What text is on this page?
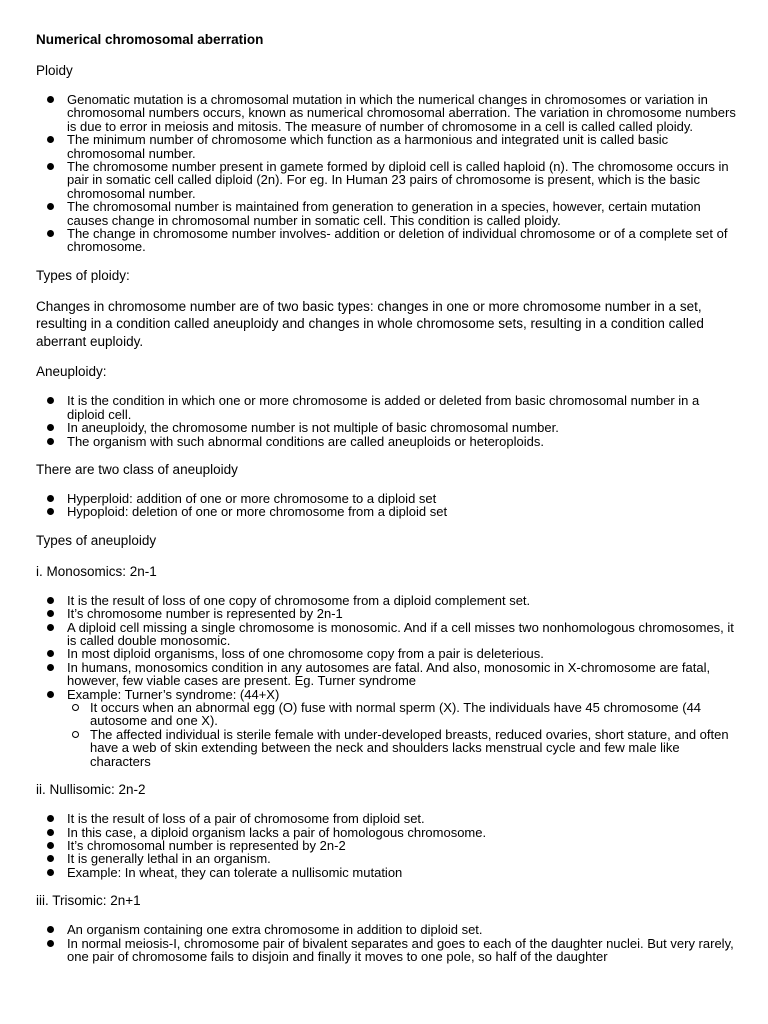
Numerical chromosomal aberration
Ploidy
Genomatic mutation is a chromosomal mutation in which the numerical changes in chromosomes or variation in chromosomal numbers occurs, known as numerical chromosomal aberration. The variation in chromosome numbers is due to error in meiosis and mitosis. The measure of number of chromosome in a cell is called called ploidy.
The minimum number of chromosome which function as a harmonious and integrated unit is called basic chromosomal number.
The chromosome number present in gamete formed by diploid cell is called haploid (n). The chromosome occurs in pair in somatic cell called diploid (2n). For eg. In Human 23 pairs of chromosome is present, which is the basic chromosomal number.
The chromosomal number is maintained from generation to generation in a species, however, certain mutation causes change in chromosomal number in somatic cell. This condition is called ploidy.
The change in chromosome number involves- addition or deletion of individual chromosome or of a complete set of chromosome.
Types of ploidy:
Changes in chromosome number are of two basic types: changes in one or more chromosome number in a set, resulting in a condition called aneuploidy and changes in whole chromosome sets, resulting in a condition called aberrant euploidy.
Aneuploidy:
It is the condition in which one or more chromosome is added or deleted from basic chromosomal number in a diploid cell.
In aneuploidy, the chromosome number is not multiple of basic chromosomal number.
The organism with such abnormal conditions are called aneuploids or heteroploids.
There are two class of aneuploidy
Hyperploid: addition of one or more chromosome to a diploid set
Hypoploid: deletion of one or more chromosome from a diploid set
Types of aneuploidy
i. Monosomics: 2n-1
It is the result of loss of one copy of chromosome from a diploid complement set.
It’s chromosome number is represented by 2n-1
A diploid cell missing a single chromosome is monosomic. And if a cell misses two nonhomologous chromosomes, it is called double monosomic.
In most diploid organisms, loss of one chromosome copy from a pair is deleterious.
In humans, monosomics condition in any autosomes are fatal. And also, monosomic in X-chromosome are fatal, however, few viable cases are present. Eg. Turner syndrome
Example: Turner’s syndrome: (44+X)
It occurs when an abnormal egg (O) fuse with normal sperm (X). The individuals have 45 chromosome (44 autosome and one X).
The affected individual is sterile female with under-developed breasts, reduced ovaries, short stature, and often have a web of skin extending between the neck and shoulders lacks menstrual cycle and few male like characters
ii. Nullisomic: 2n-2
It is the result of loss of a pair of chromosome from diploid set.
In this case, a diploid organism lacks a pair of homologous chromosome.
It’s chromosomal number is represented by 2n-2
It is generally lethal in an organism.
Example: In wheat, they can tolerate a nullisomic mutation
iii. Trisomic: 2n+1
An organism containing one extra chromosome in addition to diploid set.
In normal meiosis-I, chromosome pair of bivalent separates and goes to each of the daughter nuclei. But very rarely, one pair of chromosome fails to disjoin and finally it moves to one pole, so half of the daughter
